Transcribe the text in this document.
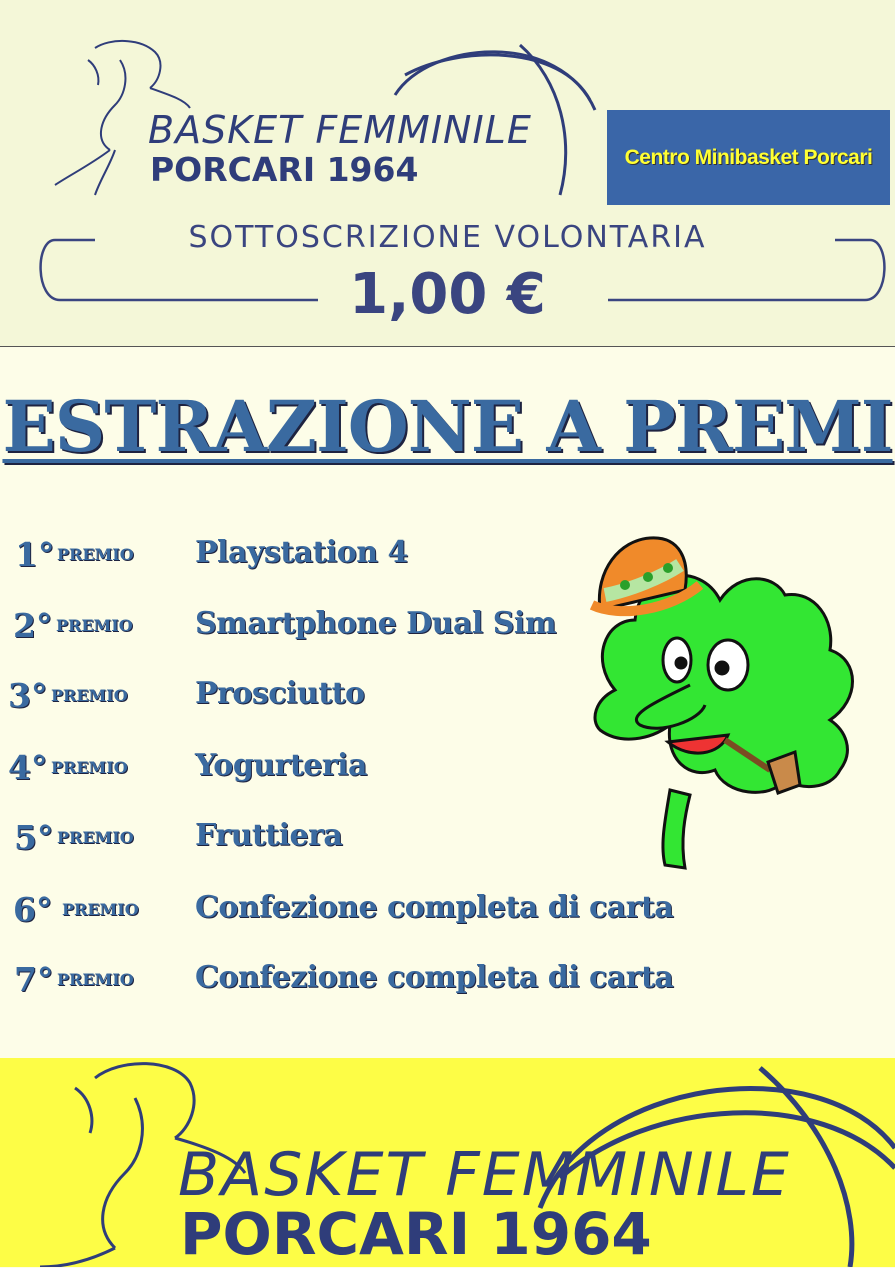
BASKET FEMMINILE
PORCARI 1964	Centro Minibasket Porcari
SOTTOSCRIZIONE VOLONTARIA
1,00 €
ESTRAZIONE A PREMI
1° PREMIO Playstation 4
2° PREMIO Smartphone Dual Sim
3° PREMIO Prosciutto
4° PREMIO Yogurteria
5° PREMIO Fruttiera
6° PREMIO Confezione completa di carta
7° PREMIO Confezione completa di carta
BASKET FEMMINILE
PORCARI 1964
